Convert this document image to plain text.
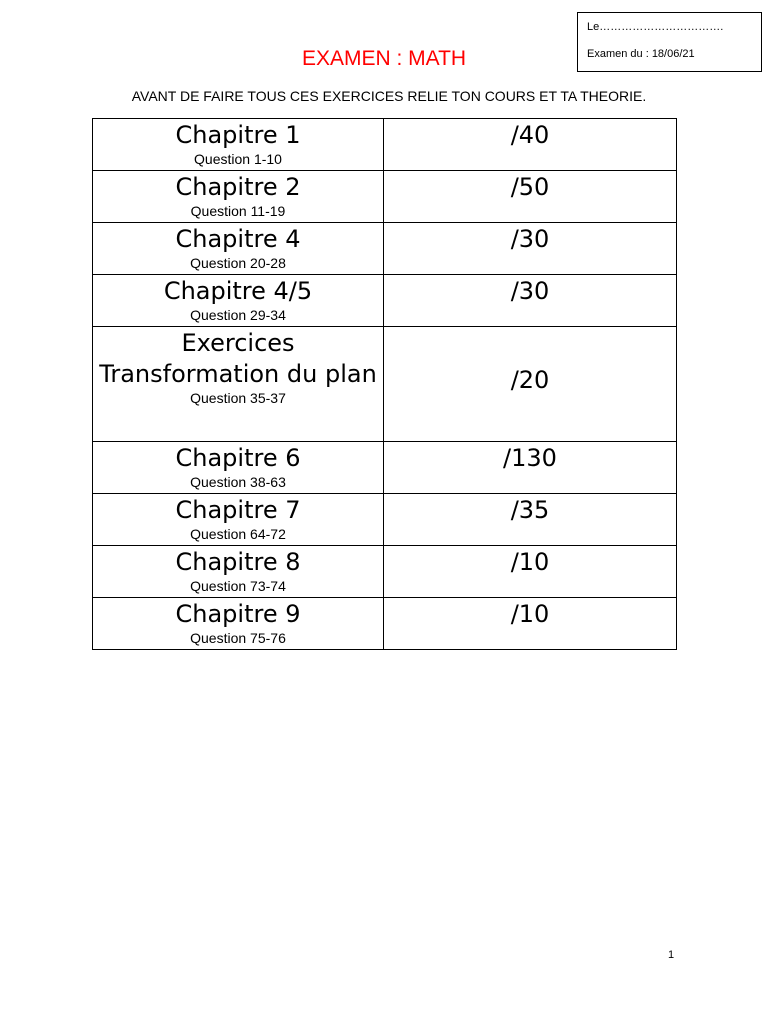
Le…………………………….
Examen du : 18/06/21
EXAMEN : MATH
AVANT DE FAIRE TOUS CES EXERCICES RELIE TON COURS ET TA THEORIE.
Chapitre 1
Question 1-10	/40

Chapitre 2
Question 11-19	/50

Chapitre 4
Question 20-28	/30

Chapitre 4/5
Question 29-34	/30

Exercices Transformation du plan
Question 35-37	/20

Chapitre 6
Question 38-63	/130

Chapitre 7
Question 64-72	/35

Chapitre 8
Question 73-74	/10

Chapitre 9
Question 75-76	/10
1
